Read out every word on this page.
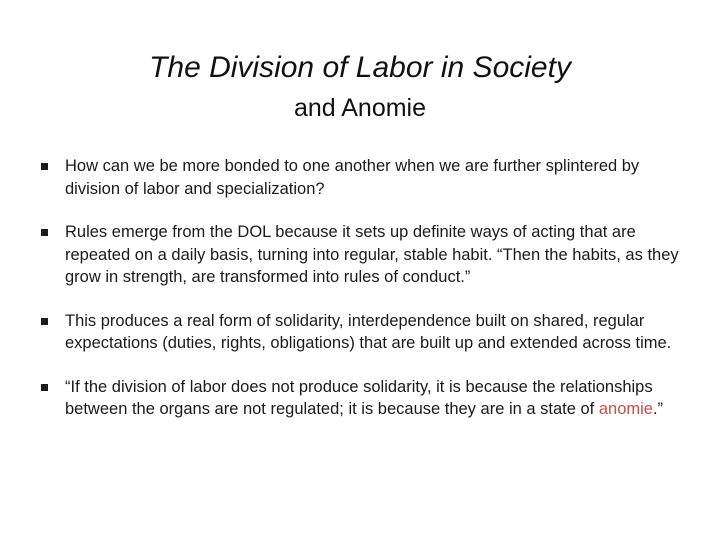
The Division of Labor in Society
and Anomie
How can we be more bonded to one another when we are further splintered by division of labor and specialization?
Rules emerge from the DOL because it sets up definite ways of acting that are repeated on a daily basis, turning into regular, stable habit. “Then the habits, as they grow in strength, are transformed into rules of conduct.”
This produces a real form of solidarity, interdependence built on shared, regular expectations (duties, rights, obligations) that are built up and extended across time.
“If the division of labor does not produce solidarity, it is because the relationships between the organs are not regulated; it is because they are in a state of anomie.”
